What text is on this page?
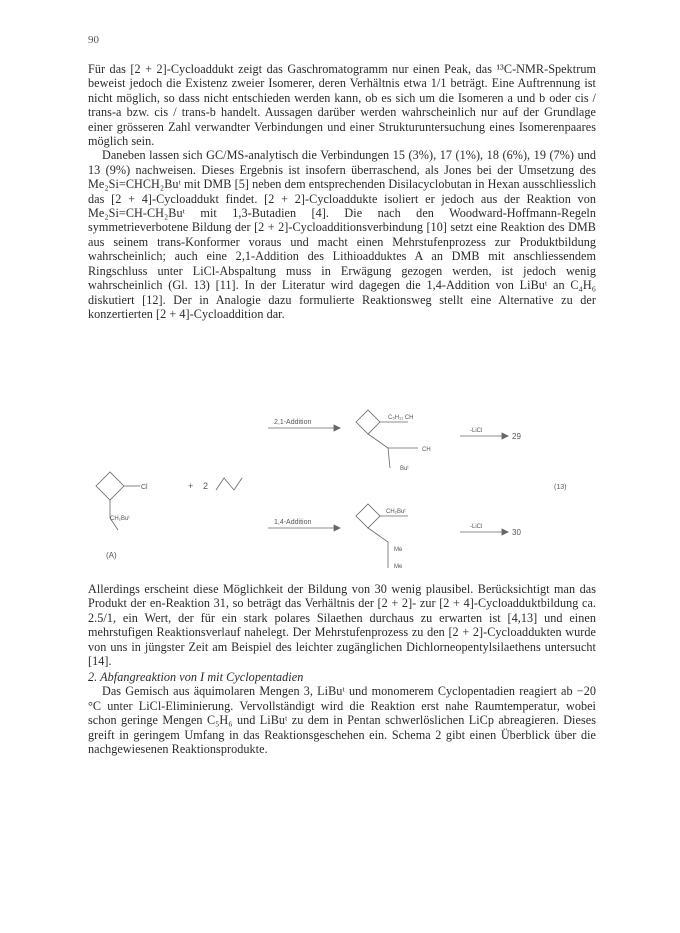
90

Für das [2 + 2]-Cycloaddukt zeigt das Gaschromatogramm nur einen Peak, das ¹³C-NMR-Spektrum beweist jedoch die Existenz zweier Isomerer, deren Verhältnis etwa 1/1 beträgt. Eine Auftrennung ist nicht möglich, so dass nicht entschieden werden kann, ob es sich um die Isomeren a und b oder cis / trans-a bzw. cis / trans-b handelt. Aussagen darüber werden wahrscheinlich nur auf der Grundlage einer grösseren Zahl verwandter Verbindungen und einer Strukturuntersuchung eines Isomerenpaares möglich sein.

Daneben lassen sich GC/MS-analytisch die Verbindungen 15 (3%), 17 (1%), 18 (6%), 19 (7%) und 13 (9%) nachweisen. Dieses Ergebnis ist insofern überraschend, als Jones bei der Umsetzung des Me₂Si=CHCH₂Buᵗ mit DMB [5] neben dem entsprechenden Disilacyclobutan in Hexan ausschliesslich das [2 + 4]-Cycloaddukt findet. [2 + 2]-Cycloaddukte isoliert er jedoch aus der Reaktion von Me₂Si=CH-CH₂Buᵗ mit 1,3-Butadien [4]. Die nach den Woodward-Hoffmann-Regeln symmetrieverbotene Bildung der [2 + 2]-Cycloadditionsverbindung [10] setzt eine Reaktion des DMB aus seinem trans-Konformer voraus und macht einen Mehrstufenprozess zur Produktbildung wahrscheinlich; auch eine 2,1-Addition des Lithioadduktes A an DMB mit anschliessendem Ringschluss unter LiCl-Abspaltung muss in Erwägung gezogen werden, ist jedoch wenig wahrscheinlich (Gl. 13) [11]. In der Literatur wird dagegen die 1,4-Addition von LiBuᵗ an C₄H₆ diskutiert [12]. Der in Analogie dazu formulierte Reaktionsweg stellt eine Alternative zu der konzertierten [2 + 4]-Cycloaddition dar.

Cl
CH₂Buᵗ
+ 2
2,1-Addition
1,4-Addition
C₅H₁₁ CH
CH
-LiCl
Buᵗ
29
(13)
CH₂Buᵗ
-LiCl
Me
Me
30
(A)

Allerdings erscheint diese Möglichkeit der Bildung von 30 wenig plausibel. Berücksichtigt man das Produkt der en-Reaktion 31, so beträgt das Verhältnis der [2 + 2]- zur [2 + 4]-Cycloadduktbildung ca. 2.5/1, ein Wert, der für ein stark polares Silaethen durchaus zu erwarten ist [4,13] und einen mehrstufigen Reaktionsverlauf nahelegt. Der Mehrstufenprozess zu den [2 + 2]-Cycloaddukten wurde von uns in jüngster Zeit am Beispiel des leichter zugänglichen Dichlorneopentylsilaethens untersucht [14].

2. Abfangreaktion von I mit Cyclopentadien

Das Gemisch aus äquimolaren Mengen 3, LiBuᵗ und monomerem Cyclopentadien reagiert ab −20 °C unter LiCl-Eliminierung. Vervollständigt wird die Reaktion erst nahe Raumtemperatur, wobei schon geringe Mengen C₅H₆ und LiBuᵗ zu dem in Pentan schwerlöslichen LiCp abreagieren. Dieses greift in geringem Umfang in das Reaktionsgeschehen ein. Schema 2 gibt einen Überblick über die nachgewiesenen Reaktionsprodukte.
